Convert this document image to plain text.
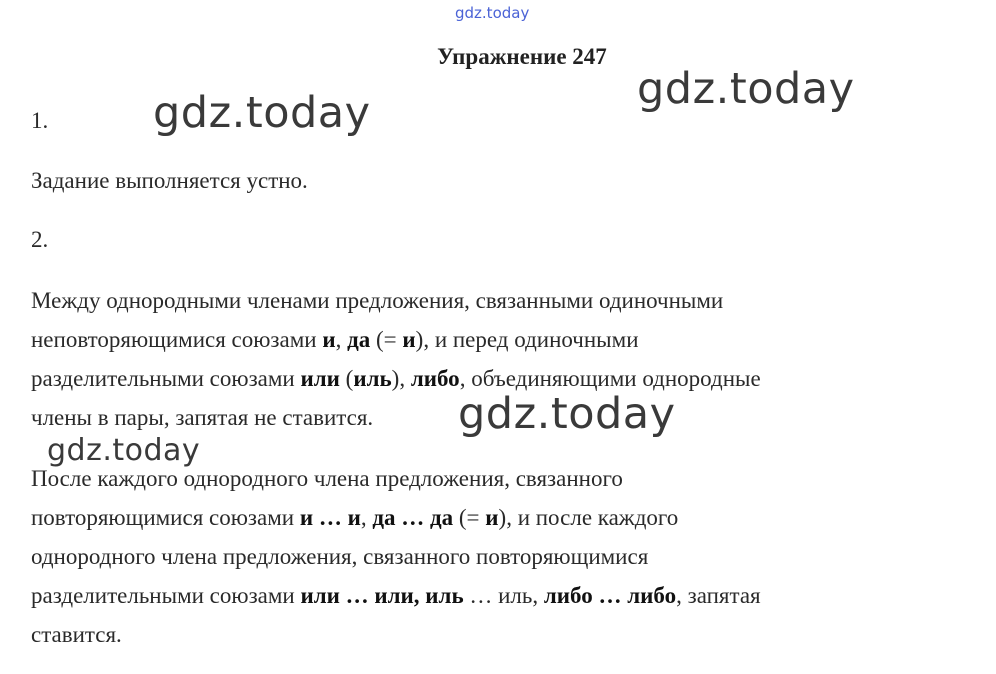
gdz.today
gdz.today	gdz.today
Упражнение 247
1.
Задание выполняется устно.
2.
Между однородными членами предложения, связанными одиночными
неповторяющимися союзами и, да (= и), и перед одиночными
разделительными союзами или (иль), либо, объединяющими однородные
члены в пары, запятая не ставится.
После каждого однородного члена предложения, связанного
повторяющимися союзами и … и, да … да (= и), и после каждого
однородного члена предложения, связанного повторяющимися
разделительными союзами или … или, иль … иль, либо … либо, запятая
ставится.
gdz.today
gdz.today
